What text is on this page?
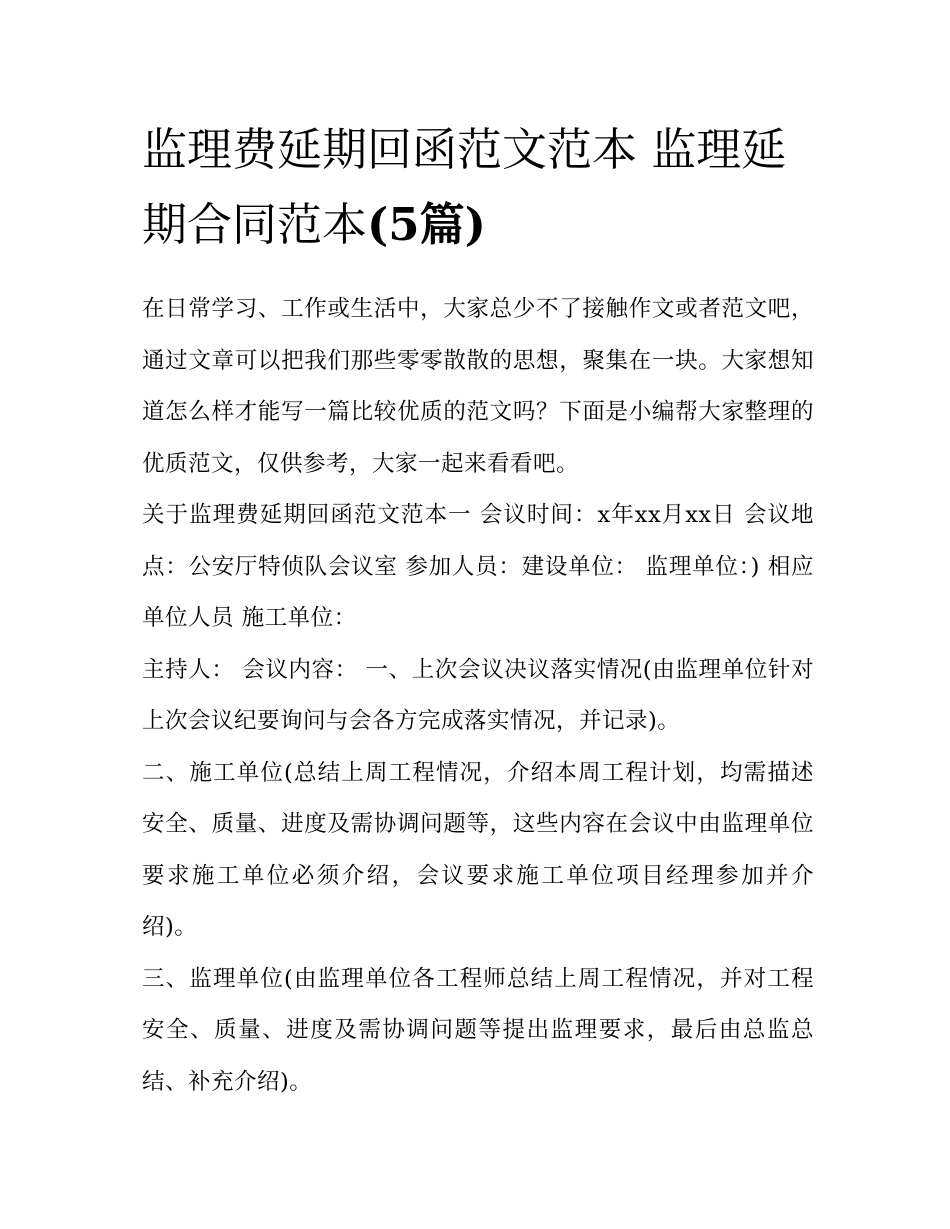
监理费延期回函范文范本 监理延期合同范本(5篇)

在日常学习、工作或生活中，大家总少不了接触作文或者范文吧，通过文章可以把我们那些零零散散的思想，聚集在一块。大家想知道怎么样才能写一篇比较优质的范文吗？下面是小编帮大家整理的优质范文，仅供参考，大家一起来看看吧。

关于监理费延期回函范文范本一 会议时间：x年xx月xx日 会议地点：公安厅特侦队会议室 参加人员：建设单位： 监理单位：) 相应单位人员 施工单位：

主持人： 会议内容： 一、上次会议决议落实情况(由监理单位针对上次会议纪要询问与会各方完成落实情况，并记录)。

二、施工单位(总结上周工程情况，介绍本周工程计划，均需描述安全、质量、进度及需协调问题等，这些内容在会议中由监理单位要求施工单位必须介绍，会议要求施工单位项目经理参加并介绍)。

三、监理单位(由监理单位各工程师总结上周工程情况，并对工程安全、质量、进度及需协调问题等提出监理要求，最后由总监总结、补充介绍)。
